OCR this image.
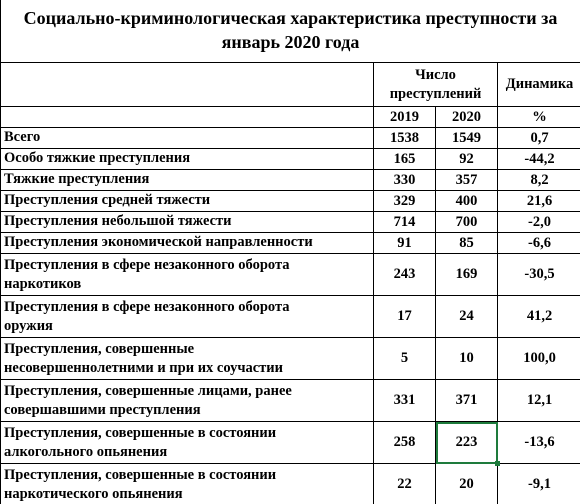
Социально-криминологическая характеристика преступности за
январь 2020 года

	Число
преступлений		Динамика
	2019	2020	%

Всего	1538	1549	0,7

Особо тяжкие преступления	165	92	-44,2

Тяжкие преступления	330	357	8,2

Преступления средней тяжести	329	400	21,6

Преступления небольшой тяжести	714	700	-2,0

Преступления экономической направленности	91	85	-6,6

Преступления в сфере незаконного оборота
наркотиков	243	169	-30,5

Преступления в сфере незаконного оборота
оружия	17	24	41,2

Преступления, совершенные
несовершеннолетними и при их соучастии	5	10	100,0

Преступления, совершенные лицами, ранее
совершавшими преступления	331	371	12,1

Преступления, совершенные в состоянии
алкогольного опьянения	258	223	-13,6

Преступления, совершенные в состоянии
наркотического опьянения	22	20	-9,1
